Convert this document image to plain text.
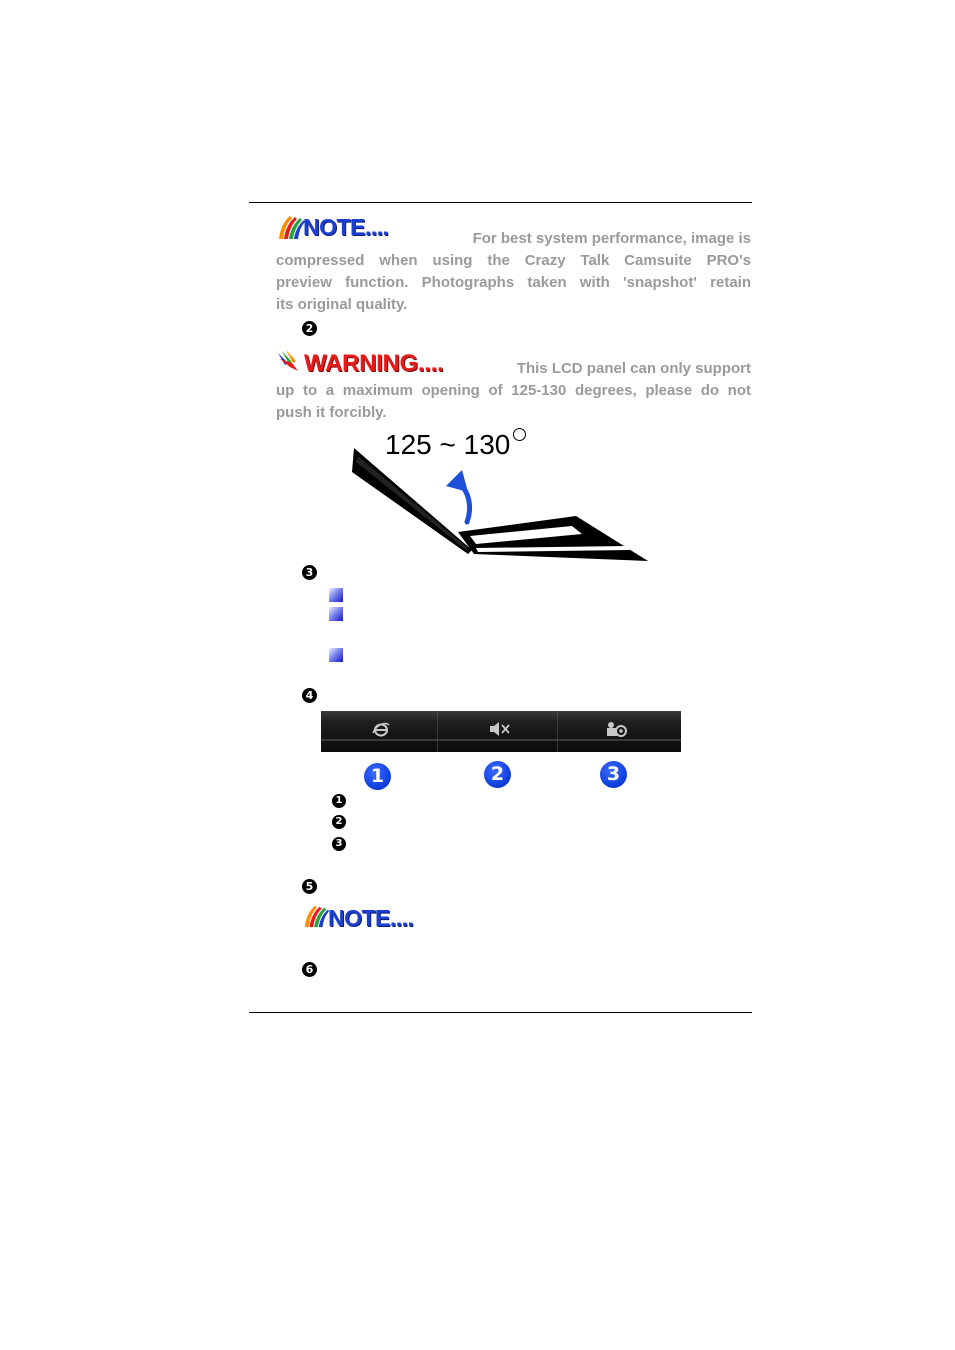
NOTE....	For best system performance, image is
compressed when using the Crazy Talk Camsuite PRO's
preview function. Photographs taken with 'snapshot' retain
its original quality.
2
WARNING....	This LCD panel can only support
up to a maximum opening of 125-130 degrees, please do not
push it forcibly.
125 ~ 130
3
4
1	2	3
1
2
3
5
NOTE....
6
